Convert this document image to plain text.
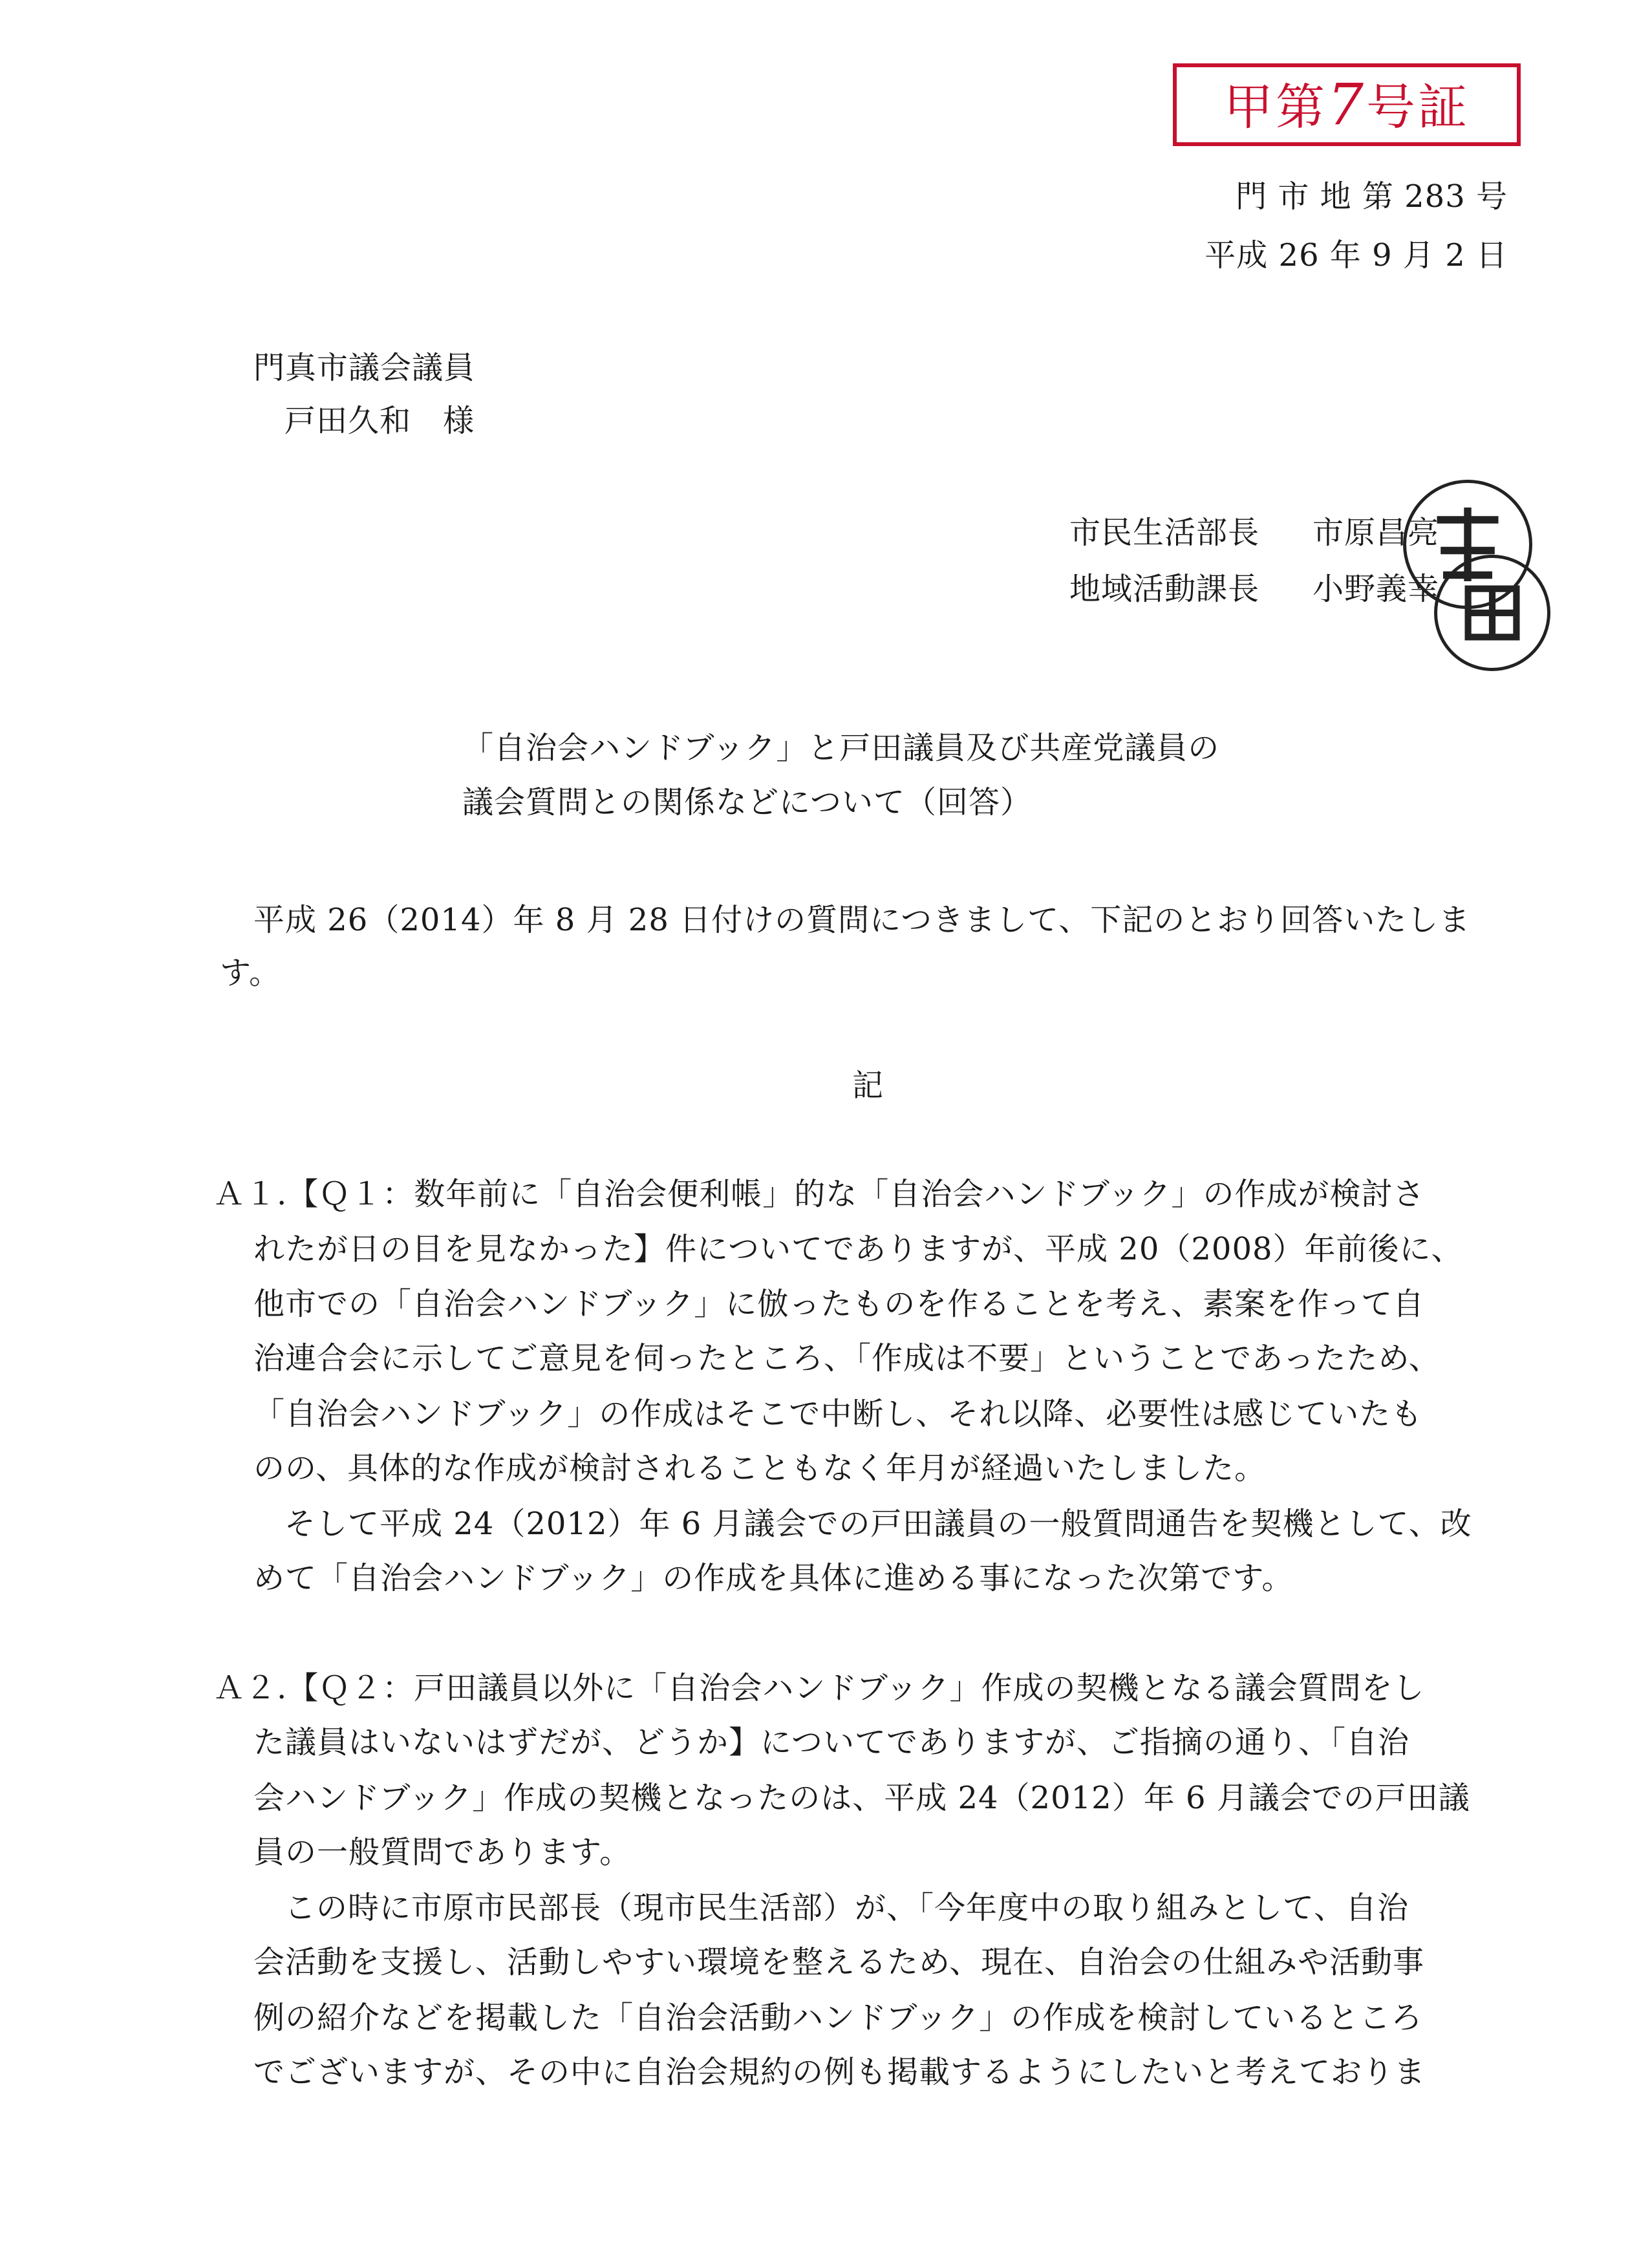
甲第7号証
門 市 地 第 283 号
平成 26 年 9 月 2 日
門真市議会議員
戸田久和　様
市民生活部長 市原昌亮
地域活動課長 小野義幸
「自治会ハンドブック」と戸田議員及び共産党議員の
議会質問との関係などについて（回答）
平成 26（2014）年 8 月 28 日付けの質問につきまして、下記のとおり回答いたしま
す。
記
Ａ１.【Ｑ１：数年前に「自治会便利帳」的な「自治会ハンドブック」の作成が検討さ
れたが日の目を見なかった】件についてでありますが、平成 20（2008）年前後に、
他市での「自治会ハンドブック」に倣ったものを作ることを考え、素案を作って自
治連合会に示してご意見を伺ったところ、「作成は不要」ということであったため、
「自治会ハンドブック」の作成はそこで中断し、それ以降、必要性は感じていたも
のの、具体的な作成が検討されることもなく年月が経過いたしました。
そして平成 24（2012）年 6 月議会での戸田議員の一般質問通告を契機として、改
めて「自治会ハンドブック」の作成を具体に進める事になった次第です。
Ａ２.【Ｑ２：戸田議員以外に「自治会ハンドブック」作成の契機となる議会質問をし
た議員はいないはずだが、どうか】についてでありますが、ご指摘の通り、「自治
会ハンドブック」作成の契機となったのは、平成 24（2012）年 6 月議会での戸田議
員の一般質問であります。
この時に市原市民部長（現市民生活部）が、「今年度中の取り組みとして、自治
会活動を支援し、活動しやすい環境を整えるため、現在、自治会の仕組みや活動事
例の紹介などを掲載した「自治会活動ハンドブック」の作成を検討しているところ
でございますが、その中に自治会規約の例も掲載するようにしたいと考えておりま
